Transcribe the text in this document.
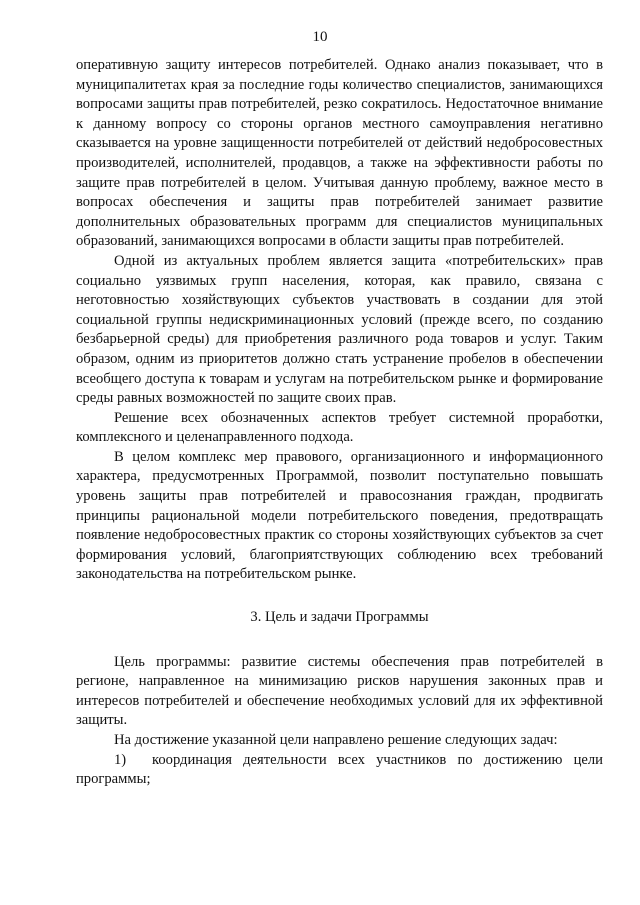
10

оперативную защиту интересов потребителей. Однако анализ показывает, что в муниципалитетах края за последние годы количество специалистов, занимающихся вопросами защиты прав потребителей, резко сократилось. Недостаточное внимание к данному вопросу со стороны органов местного самоуправления негативно сказывается на уровне защищенности потребителей от действий недобросовестных производителей, исполнителей, продавцов, а также на эффективности работы по защите прав потребителей в целом. Учитывая данную проблему, важное место в вопросах обеспечения и защиты прав потребителей занимает развитие дополнительных образовательных программ для специалистов муниципальных образований, занимающихся вопросами в области защиты прав потребителей.

Одной из актуальных проблем является защита «потребительских» прав социально уязвимых групп населения, которая, как правило, связана с неготовностью хозяйствующих субъектов участвовать в создании для этой социальной группы недискриминационных условий (прежде всего, по созданию безбарьерной среды) для приобретения различного рода товаров и услуг. Таким образом, одним из приоритетов должно стать устранение пробелов в обеспечении всеобщего доступа к товарам и услугам на потребительском рынке и формирование среды равных возможностей по защите своих прав.

Решение всех обозначенных аспектов требует системной проработки, комплексного и целенаправленного подхода.

В целом комплекс мер правового, организационного и информационного характера, предусмотренных Программой, позволит поступательно повышать уровень защиты прав потребителей и правосознания граждан, продвигать принципы рациональной модели потребительского поведения, предотвращать появление недобросовестных практик со стороны хозяйствующих субъектов за счет формирования условий, благоприятствующих соблюдению всех требований законодательства на потребительском рынке.

3. Цель и задачи Программы

Цель программы: развитие системы обеспечения прав потребителей в регионе, направленное на минимизацию рисков нарушения законных прав и интересов потребителей и обеспечение необходимых условий для их эффективной защиты.

На достижение указанной цели направлено решение следующих задач:

1) координация деятельности всех участников по достижению цели программы;
